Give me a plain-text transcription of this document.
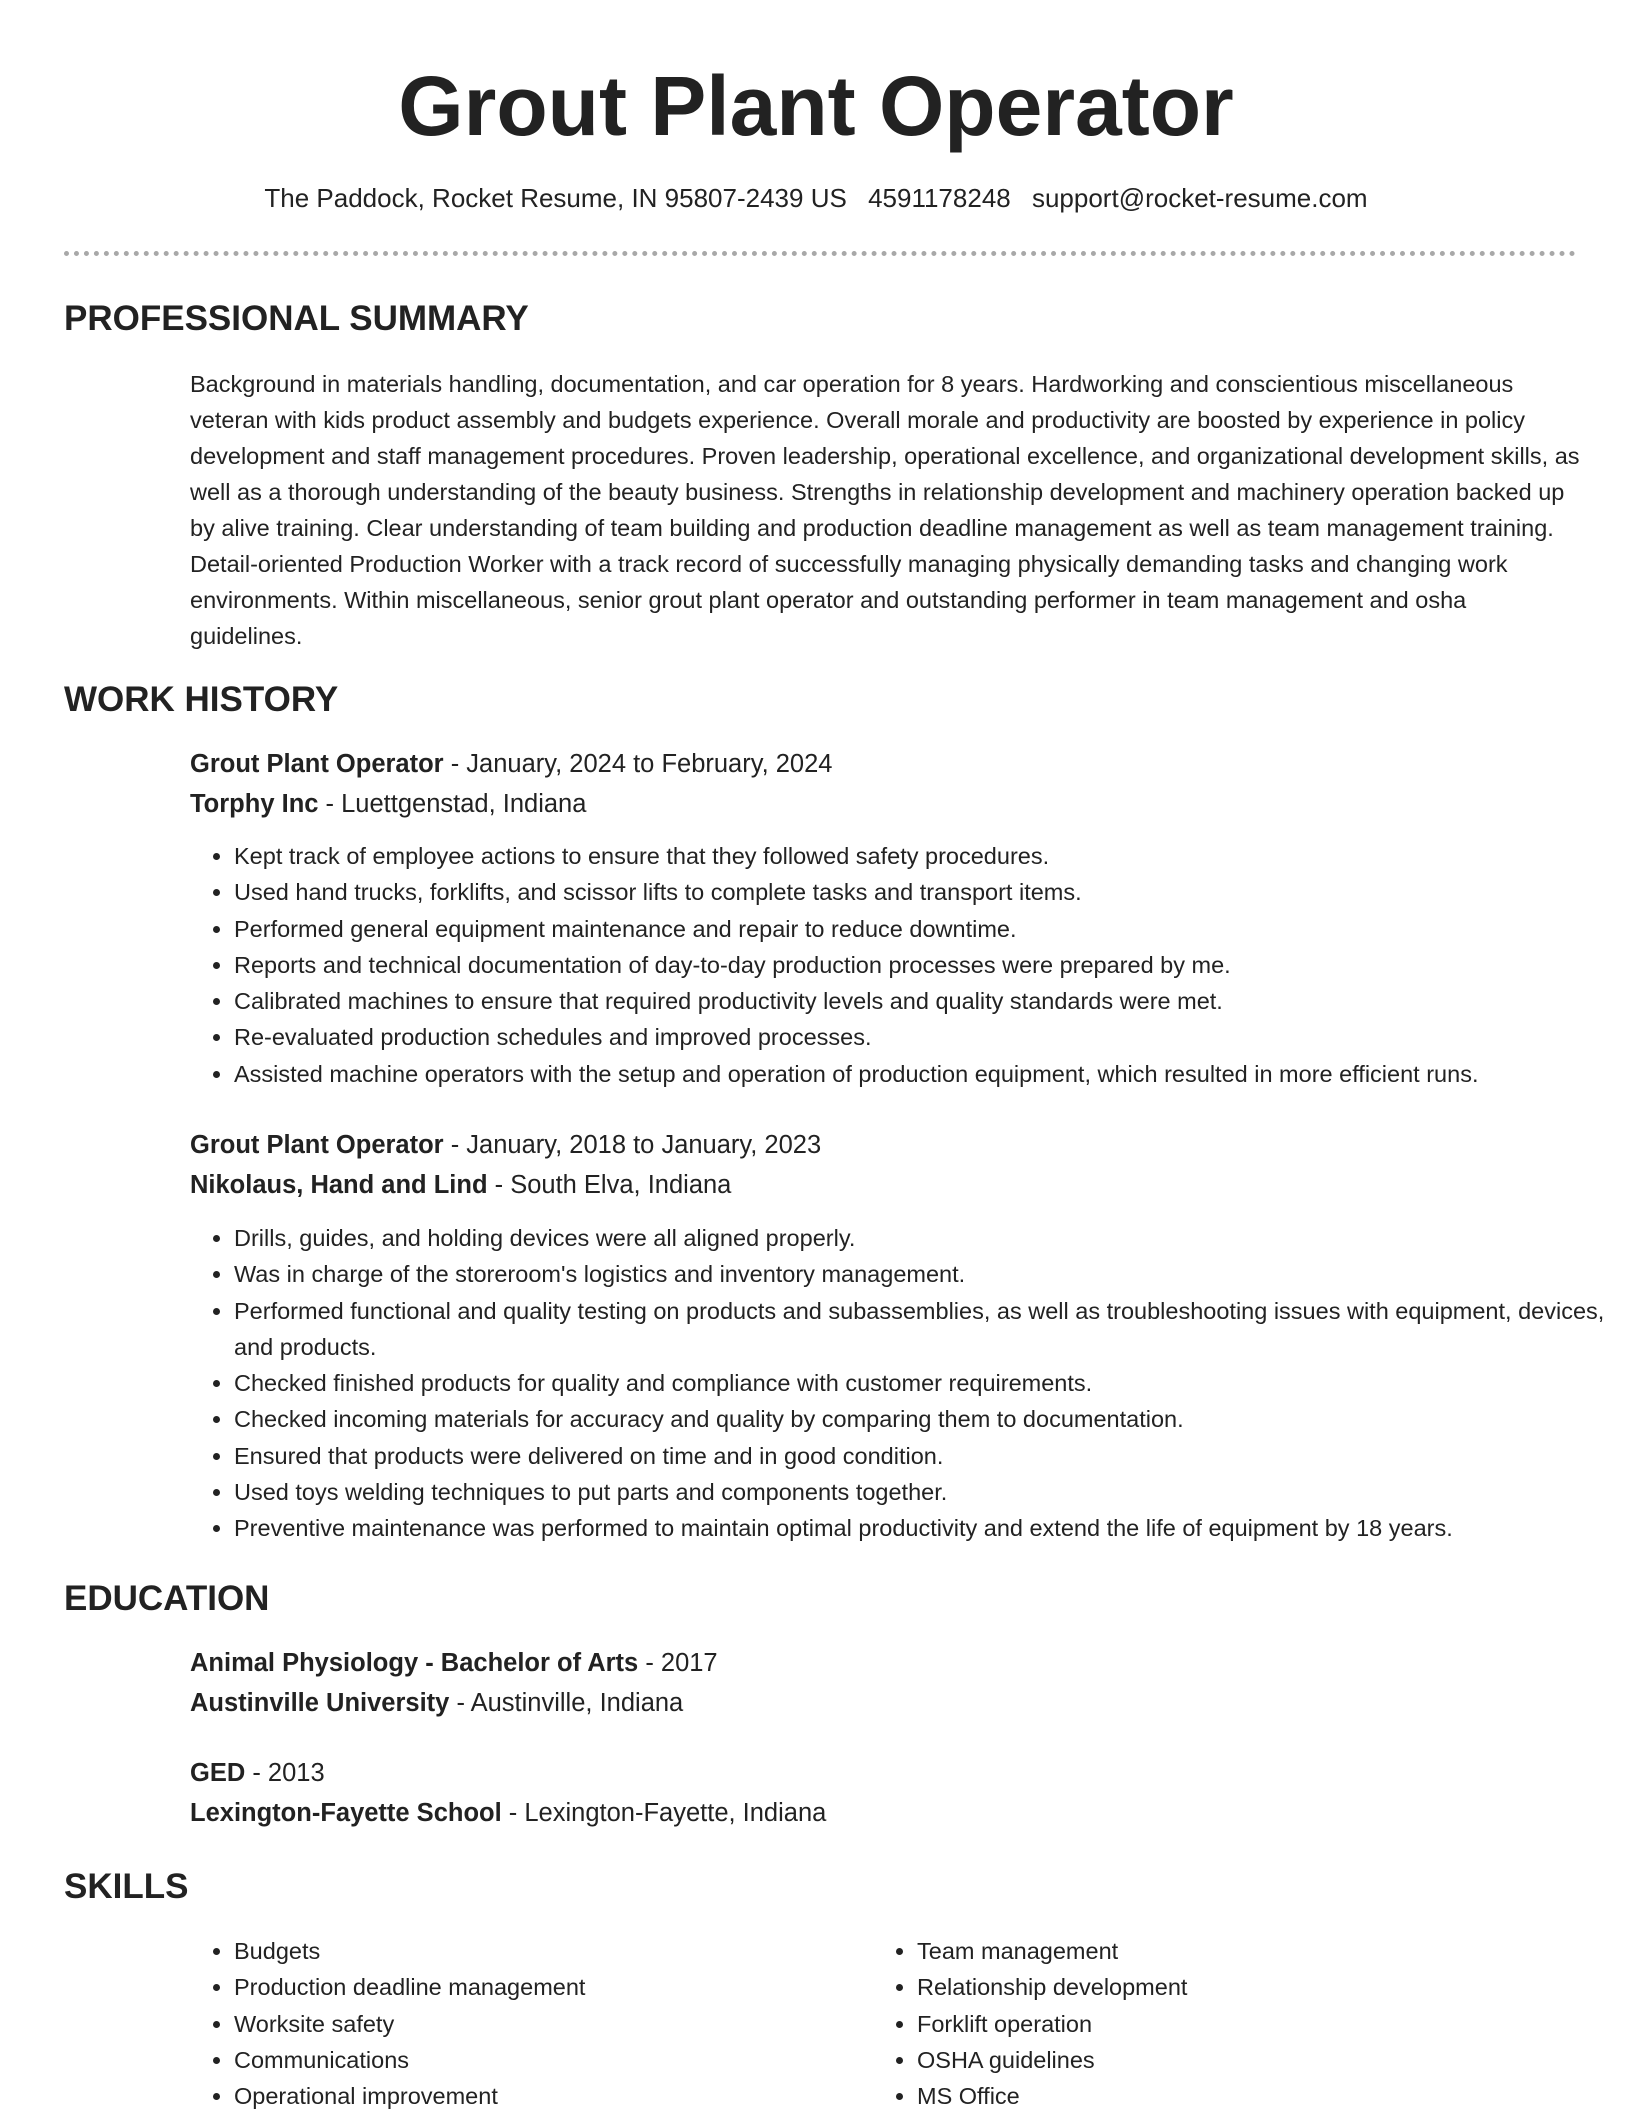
Grout Plant Operator
The Paddock, Rocket Resume, IN 95807-2439 US 4591178248 support@rocket-resume.com
PROFESSIONAL SUMMARY

Background in materials handling, documentation, and car operation for 8 years. Hardworking and conscientious miscellaneous veteran with kids product assembly and budgets experience. Overall morale and productivity are boosted by experience in policy development and staff management procedures. Proven leadership, operational excellence, and organizational development skills, as well as a thorough understanding of the beauty business. Strengths in relationship development and machinery operation backed up by alive training. Clear understanding of team building and production deadline management as well as team management training. Detail-oriented Production Worker with a track record of successfully managing physically demanding tasks and changing work environments. Within miscellaneous, senior grout plant operator and outstanding performer in team management and osha guidelines.

WORK HISTORY
Grout Plant Operator - January, 2024 to February, 2024
Torphy Inc - Luettgenstad, Indiana
• Kept track of employee actions to ensure that they followed safety procedures.
• Used hand trucks, forklifts, and scissor lifts to complete tasks and transport items.
• Performed general equipment maintenance and repair to reduce downtime.
• Reports and technical documentation of day-to-day production processes were prepared by me.
• Calibrated machines to ensure that required productivity levels and quality standards were met.
• Re-evaluated production schedules and improved processes.
• Assisted machine operators with the setup and operation of production equipment, which resulted in more efficient runs.
Grout Plant Operator - January, 2018 to January, 2023
Nikolaus, Hand and Lind - South Elva, Indiana
• Drills, guides, and holding devices were all aligned properly.
• Was in charge of the storeroom's logistics and inventory management.
• Performed functional and quality testing on products and subassemblies, as well as troubleshooting issues with equipment, devices, and products.
• Checked finished products for quality and compliance with customer requirements.
• Checked incoming materials for accuracy and quality by comparing them to documentation.
• Ensured that products were delivered on time and in good condition.
• Used toys welding techniques to put parts and components together.
• Preventive maintenance was performed to maintain optimal productivity and extend the life of equipment by 18 years.
EDUCATION
Animal Physiology - Bachelor of Arts - 2017
Austinville University - Austinville, Indiana
GED - 2013
Lexington-Fayette School - Lexington-Fayette, Indiana
SKILLS
• Budgets
• Production deadline management
• Worksite safety
• Communications
• Operational improvement
• Team management
• Relationship development
• Forklift operation
• OSHA guidelines
• MS Office
